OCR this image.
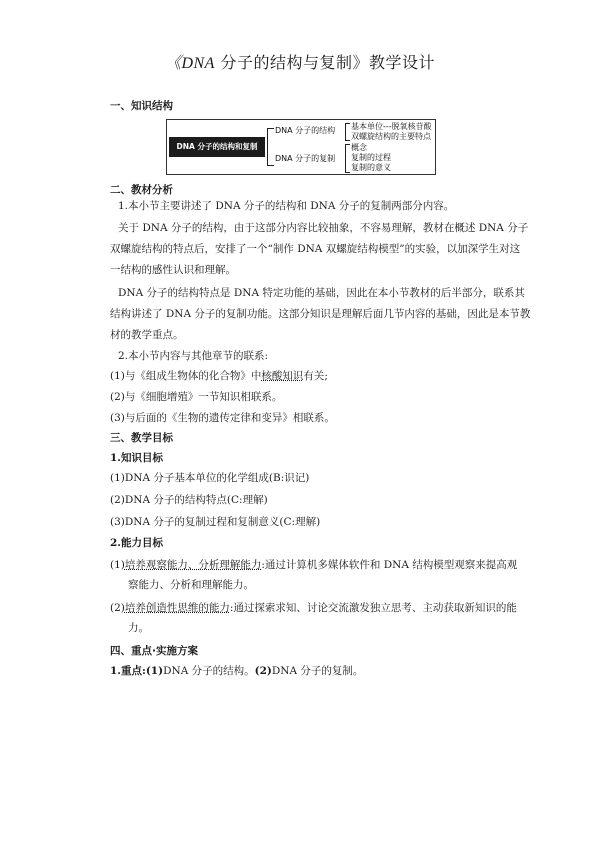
《DNA 分子的结构与复制》教学设计
一、知识结构
DNA 分子的结构和复制
DNA 分子的结构
DNA 分子的复制
基本单位---脱氧核苷酸
双螺旋结构的主要特点
概念
复制的过程
复制的意义
二、教材分析
1.本小节主要讲述了 DNA 分子的结构和 DNA 分子的复制两部分内容。
关于 DNA 分子的结构，由于这部分内容比较抽象，不容易理解，教材在概述 DNA 分子
双螺旋结构的特点后，安排了一个“制作 DNA 双螺旋结构模型”的实验，以加深学生对这
一结构的感性认识和理解。
DNA 分子的结构特点是 DNA 特定功能的基础，因此在本小节教材的后半部分，联系其
结构讲述了 DNA 分子的复制功能。这部分知识是理解后面几节内容的基础，因此是本节教
材的教学重点。
2.本小节内容与其他章节的联系:
(1)与《组成生物体的化合物》中核酸知识有关;
(2)与《细胞增殖》一节知识相联系。
(3)与后面的《生物的遗传定律和变异》相联系。
三、教学目标
1.知识目标
(1)DNA 分子基本单位的化学组成(B:识记)
(2)DNA 分子的结构特点(C:理解)
(3)DNA 分子的复制过程和复制意义(C:理解)
2.能力目标
(1)培养观察能力、分析理解能力:通过计算机多媒体软件和 DNA 结构模型观察来提高观
察能力、分析和理解能力。
(2)培养创造性思维的能力:通过探索求知、讨论交流激发独立思考、主动获取新知识的能
力。
四、重点·实施方案
1.重点:(1)DNA 分子的结构。(2)DNA 分子的复制。
